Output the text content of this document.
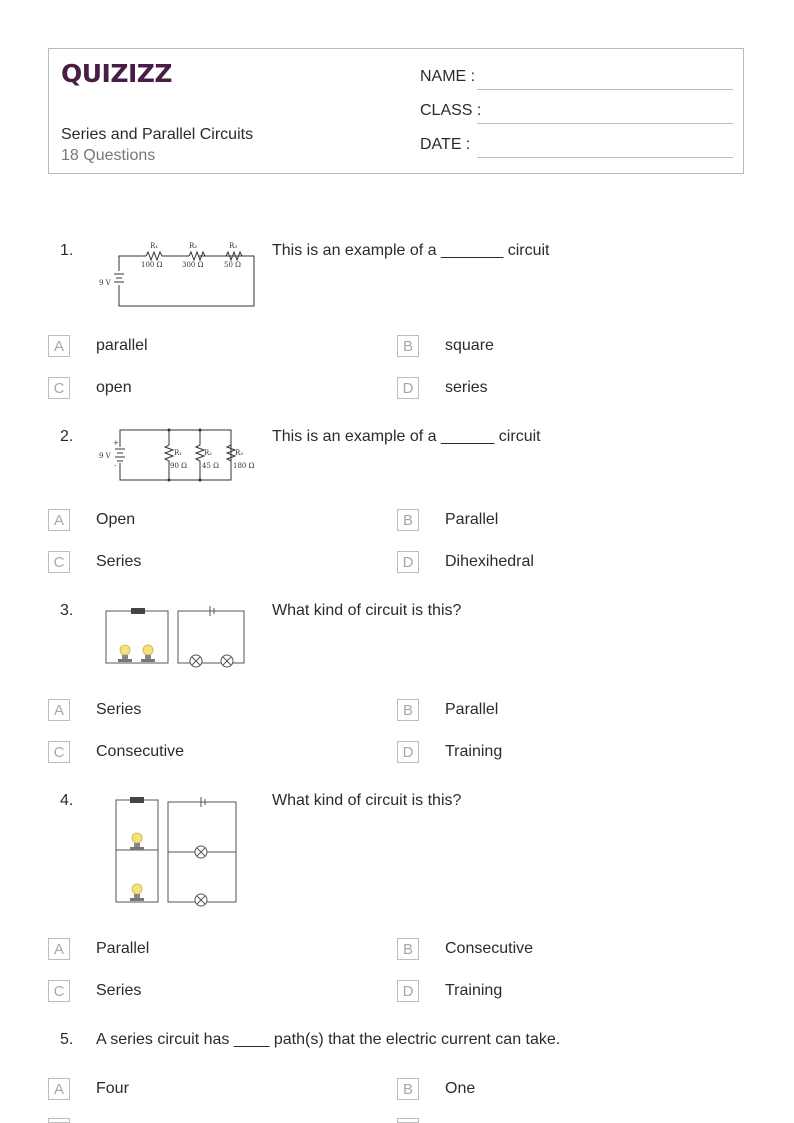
QUIZIZZ
Series and Parallel Circuits
18 Questions
NAME :
CLASS :
DATE :
1.
9 V
R₁	R₂	R₃
100 Ω	300 Ω	50 Ω
This is an example of a _______ circuit
A	parallel	B	square
C	open	D	series
2.
9 V
+
-
R₁	R₂	R₃
90 Ω 45 Ω 180 Ω
This is an example of a ______ circuit
A	Open	B	Parallel
C	Series	D	Dihexihedral
3.	What kind of circuit is this?
A	Series	B	Parallel
C	Consecutive	D	Training
4.	What kind of circuit is this?
A	Parallel	B	Consecutive
C	Series	D	Training
5. A series circuit has ____ path(s) that the electric current can take.
A	Four	B	One
